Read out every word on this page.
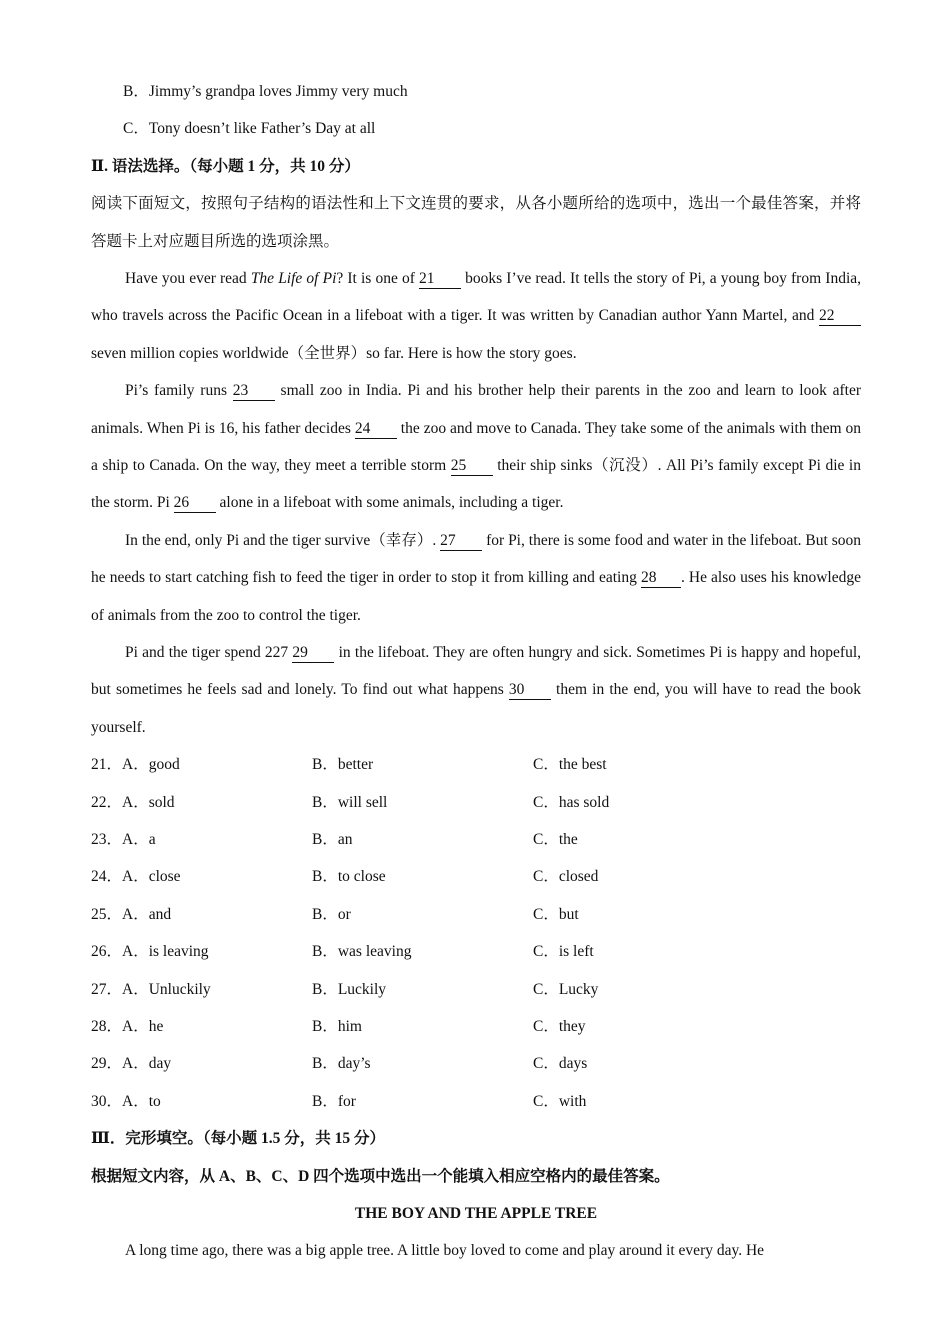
B．Jimmy’s grandpa loves Jimmy very much
C．Tony doesn’t like Father’s Day at all
Ⅱ. 语法选择。（每小题 1 分，共 10 分）
阅读下面短文，按照句子结构的语法性和上下文连贯的要求，从各小题所给的选项中，选出一个最佳答案，并将答题卡上对应题目所选的选项涂黑。
Have you ever read The Life of Pi? It is one of 21 books I’ve read. It tells the story of Pi, a young boy from India, who travels across the Pacific Ocean in a lifeboat with a tiger. It was written by Canadian author Yann Martel, and 22 seven million copies worldwide（全世界）so far. Here is how the story goes.
Pi’s family runs 23 small zoo in India. Pi and his brother help their parents in the zoo and learn to look after animals. When Pi is 16, his father decides 24 the zoo and move to Canada. They take some of the animals with them on a ship to Canada. On the way, they meet a terrible storm 25 their ship sinks（沉没）. All Pi’s family except Pi die in the storm. Pi 26 alone in a lifeboat with some animals, including a tiger.
In the end, only Pi and the tiger survive（幸存）. 27 for Pi, there is some food and water in the lifeboat. But soon he needs to start catching fish to feed the tiger in order to stop it from killing and eating 28 . He also uses his knowledge of animals from the zoo to control the tiger.
Pi and the tiger spend 227 29 in the lifeboat. They are often hungry and sick. Sometimes Pi is happy and hopeful, but sometimes he feels sad and lonely. To find out what happens 30 them in the end, you will have to read the book yourself.
21．A．good	B．better	C．the best
22．A．sold	B．will sell	C．has sold
23．A．a	B．an	C．the
24．A．close	B．to close	C．closed
25．A．and	B．or	C．but
26．A．is leaving	B．was leaving	C．is left
27．A．Unluckily	B．Luckily	C．Lucky
28．A．he	B．him	C．they
29．A．day	B．day’s	C．days
30．A．to	B．for	C．with
Ⅲ．完形填空。（每小题 1.5 分，共 15 分）
根据短文内容，从 A、B、C、D 四个选项中选出一个能填入相应空格内的最佳答案。
THE BOY AND THE APPLE TREE
A long time ago, there was a big apple tree. A little boy loved to come and play around it every day. He
